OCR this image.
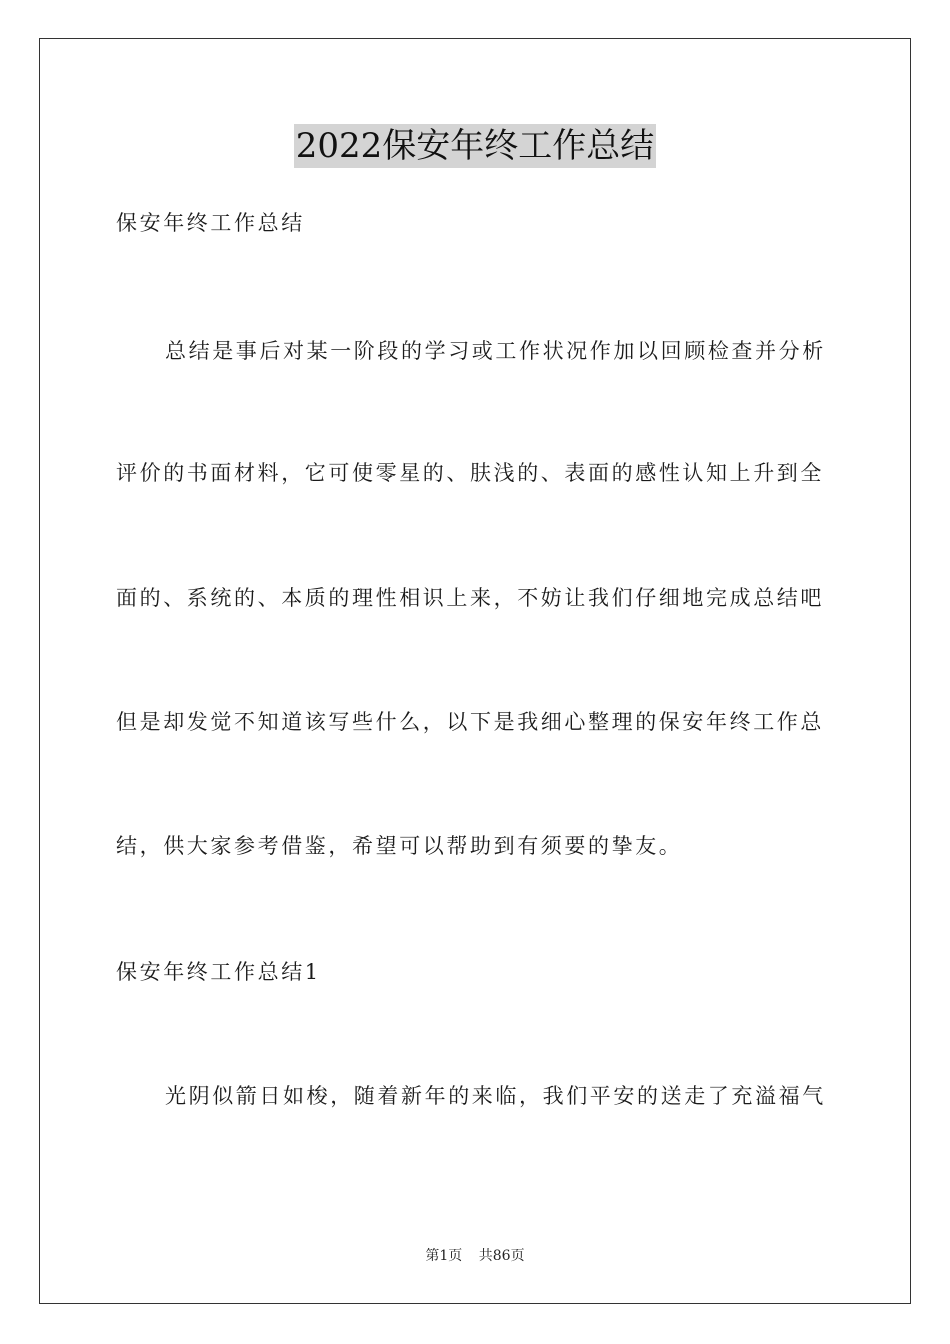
2022保安年终工作总结
保安年终工作总结
总结是事后对某一阶段的学习或工作状况作加以回顾检查并分析
评价的书面材料，它可使零星的、肤浅的、表面的感性认知上升到全
面的、系统的、本质的理性相识上来，不妨让我们仔细地完成总结吧
但是却发觉不知道该写些什么，以下是我细心整理的保安年终工作总
结，供大家参考借鉴，希望可以帮助到有须要的挚友。
保安年终工作总结1
光阴似箭日如梭，随着新年的来临，我们平安的送走了充溢福气
第1页 共86页
